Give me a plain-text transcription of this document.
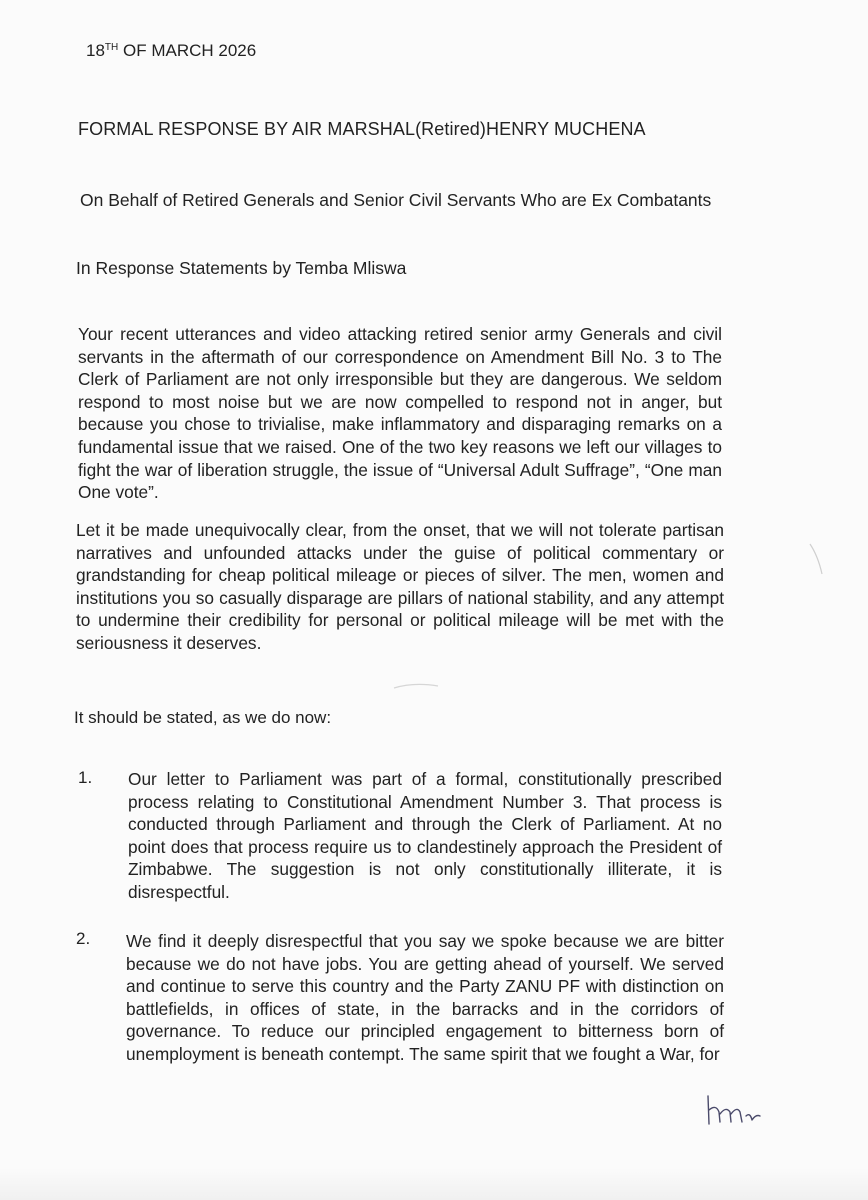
18TH OF MARCH 2026
FORMAL RESPONSE BY AIR MARSHAL(Retired)HENRY MUCHENA
On Behalf of Retired Generals and Senior Civil Servants Who are Ex Combatants
In Response Statements by Temba Mliswa
Your recent utterances and video attacking retired senior army Generals and civil servants in the aftermath of our correspondence on Amendment Bill No. 3 to The Clerk of Parliament are not only irresponsible but they are dangerous. We seldom respond to most noise but we are now compelled to respond not in anger, but because you chose to trivialise, make inflammatory and disparaging remarks on a fundamental issue that we raised. One of the two key reasons we left our villages to fight the war of liberation struggle, the issue of “Universal Adult Suffrage”, “One man One vote”.
Let it be made unequivocally clear, from the onset, that we will not tolerate partisan narratives and unfounded attacks under the guise of political commentary or grandstanding for cheap political mileage or pieces of silver. The men, women and institutions you so casually disparage are pillars of national stability, and any attempt to undermine their credibility for personal or political mileage will be met with the seriousness it deserves.
It should be stated, as we do now:
1. Our letter to Parliament was part of a formal, constitutionally prescribed process relating to Constitutional Amendment Number 3. That process is conducted through Parliament and through the Clerk of Parliament. At no point does that process require us to clandestinely approach the President of Zimbabwe. The suggestion is not only constitutionally illiterate, it is disrespectful.
2. We find it deeply disrespectful that you say we spoke because we are bitter because we do not have jobs. You are getting ahead of yourself. We served and continue to serve this country and the Party ZANU PF with distinction on battlefields, in offices of state, in the barracks and in the corridors of governance. To reduce our principled engagement to bitterness born of unemployment is beneath contempt. The same spirit that we fought a War, for
